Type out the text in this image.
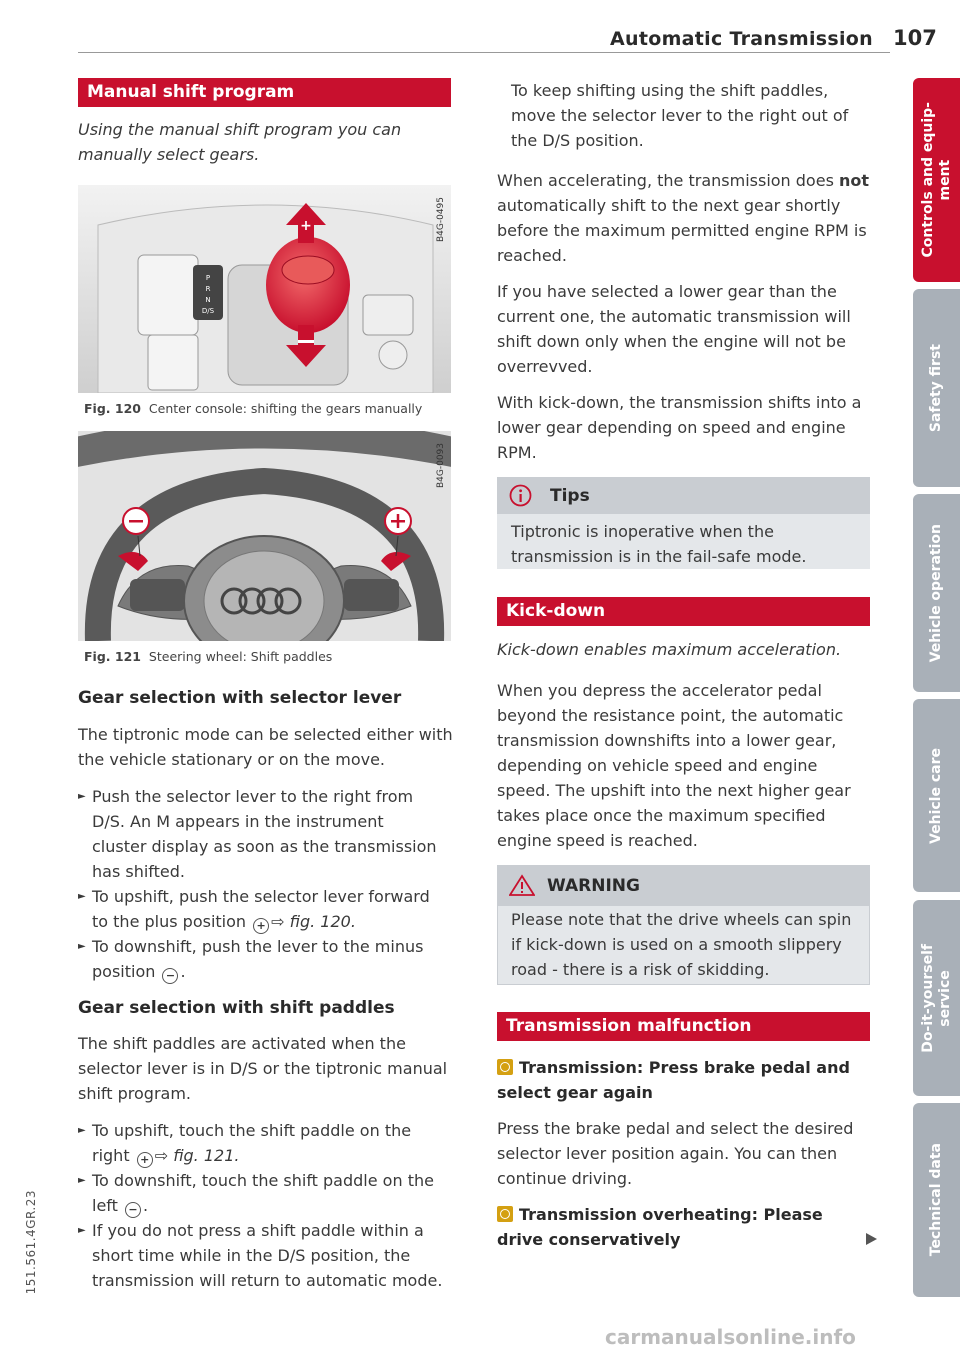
Automatic Transmission 107
Manual shift program
Using the manual shift program you can manually select gears.
P
R
N
D/S
+	B4G-0495
Fig. 120 Center console: shifting the gears manually
B4G-0093
Fig. 121 Steering wheel: Shift paddles
Gear selection with selector lever
The tiptronic mode can be selected either with the vehicle stationary or on the move.
► Push the selector lever to the right from D/S. An M appears in the instrument cluster display as soon as the transmission has shifted.
► To upshift, push the selector lever forward to the plus position + ⇨ fig. 120.
► To downshift, push the lever to the minus position − .
Gear selection with shift paddles
The shift paddles are activated when the selector lever is in D/S or the tiptronic manual shift program.
► To upshift, touch the shift paddle on the right + ⇨ fig. 121.
► To downshift, touch the shift paddle on the left − .
► If you do not press a shift paddle within a short time while in the D/S position, the transmission will return to automatic mode.
To keep shifting using the shift paddles, move the selector lever to the right out of the D/S position.
When accelerating, the transmission does not automatically shift to the next gear shortly before the maximum permitted engine RPM is reached.
If you have selected a lower gear than the current one, the automatic transmission will shift down only when the engine will not be overrevved.
With kick-down, the transmission shifts into a lower gear depending on speed and engine RPM.
Tips
Tiptronic is inoperative when the transmission is in the fail-safe mode.
Kick-down
Kick-down enables maximum acceleration.
When you depress the accelerator pedal beyond the resistance point, the automatic transmission downshifts into a lower gear, depending on vehicle speed and engine speed. The upshift into the next higher gear takes place once the maximum specified engine speed is reached.
WARNING
Please note that the drive wheels can spin if kick-down is used on a smooth slippery road - there is a risk of skidding.
Transmission malfunction
Transmission: Press brake pedal and select gear again
Press the brake pedal and select the desired selector lever position again. You can then continue driving.
Transmission overheating: Please drive conservatively
Controls and equip-
ment
Safety first
Vehicle operation
Vehicle care
Do-it-yourself
service
Technical data
151.561.4GR.23
carmanualsonline.info
